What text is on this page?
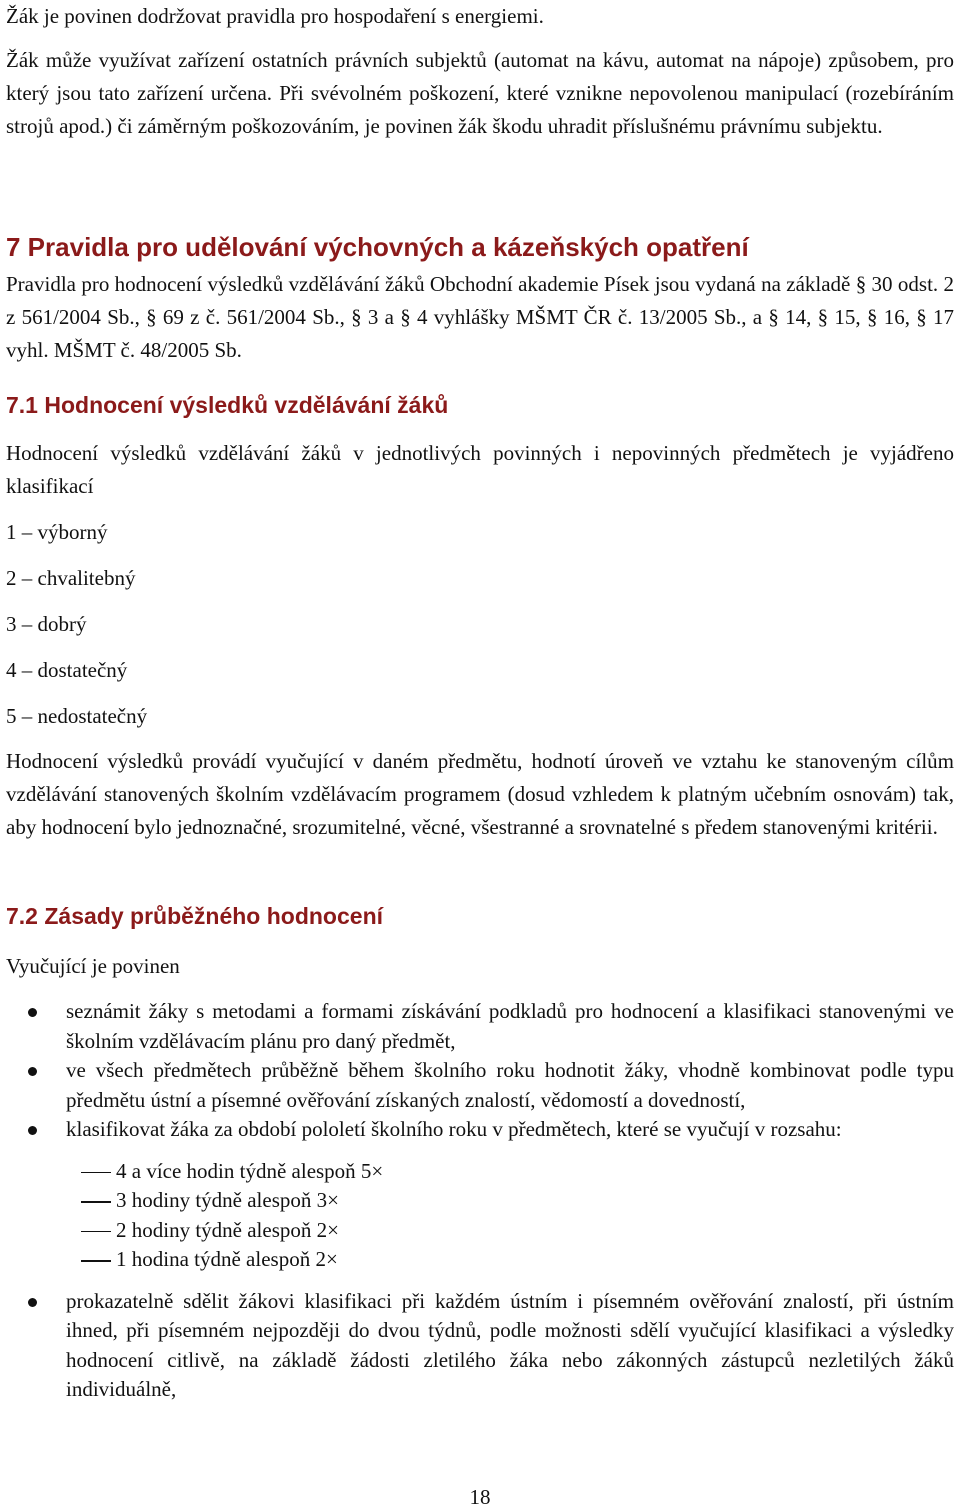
Žák je povinen dodržovat pravidla pro hospodaření s energiemi.
Žák může využívat zařízení ostatních právních subjektů (automat na kávu, automat na nápoje) způsobem, pro který jsou tato zařízení určena. Při svévolném poškození, které vznikne nepovolenou manipulací (rozebíráním strojů apod.) či záměrným poškozováním, je povinen žák škodu uhradit příslušnému právnímu subjektu.
7 Pravidla pro udělování výchovných a kázeňských opatření
Pravidla pro hodnocení výsledků vzdělávání žáků Obchodní akademie Písek jsou vydaná na základě § 30 odst. 2 z 561/2004 Sb., § 69 z č. 561/2004 Sb., § 3 a § 4 vyhlášky MŠMT ČR č. 13/2005 Sb., a § 14, § 15, § 16, § 17 vyhl. MŠMT č. 48/2005 Sb.
7.1 Hodnocení výsledků vzdělávání žáků
Hodnocení výsledků vzdělávání žáků v jednotlivých povinných i nepovinných předmětech je vyjádřeno klasifikací
1 – výborný
2 – chvalitebný
3 – dobrý
4 – dostatečný
5 – nedostatečný
Hodnocení výsledků provádí vyučující v daném předmětu, hodnotí úroveň ve vztahu ke stanoveným cílům vzdělávání stanovených školním vzdělávacím programem (dosud vzhledem k platným učebním osnovám) tak, aby hodnocení bylo jednoznačné, srozumitelné, věcné, všestranné a srovnatelné s předem stanovenými kritérii.
7.2 Zásady průběžného hodnocení
Vyučující je povinen
seznámit žáky s metodami a formami získávání podkladů pro hodnocení a klasifikaci stanovenými ve školním vzdělávacím plánu pro daný předmět,
ve všech předmětech průběžně během školního roku hodnotit žáky, vhodně kombinovat podle typu předmětu ústní a písemné ověřování získaných znalostí, vědomostí a dovedností,
klasifikovat žáka za období pololetí školního roku v předmětech, které se vyučují v rozsahu:
4 a více hodin týdně alespoň 5×
3 hodiny týdně alespoň 3×
2 hodiny týdně alespoň 2×
1 hodina týdně alespoň 2×
prokazatelně sdělit žákovi klasifikaci při každém ústním i písemném ověřování znalostí, při ústním ihned, při písemném nejpozději do dvou týdnů, podle možnosti sdělí vyučující klasifikaci a výsledky hodnocení citlivě, na základě žádosti zletilého žáka nebo zákonných zástupců nezletilých žáků individuálně,
18
